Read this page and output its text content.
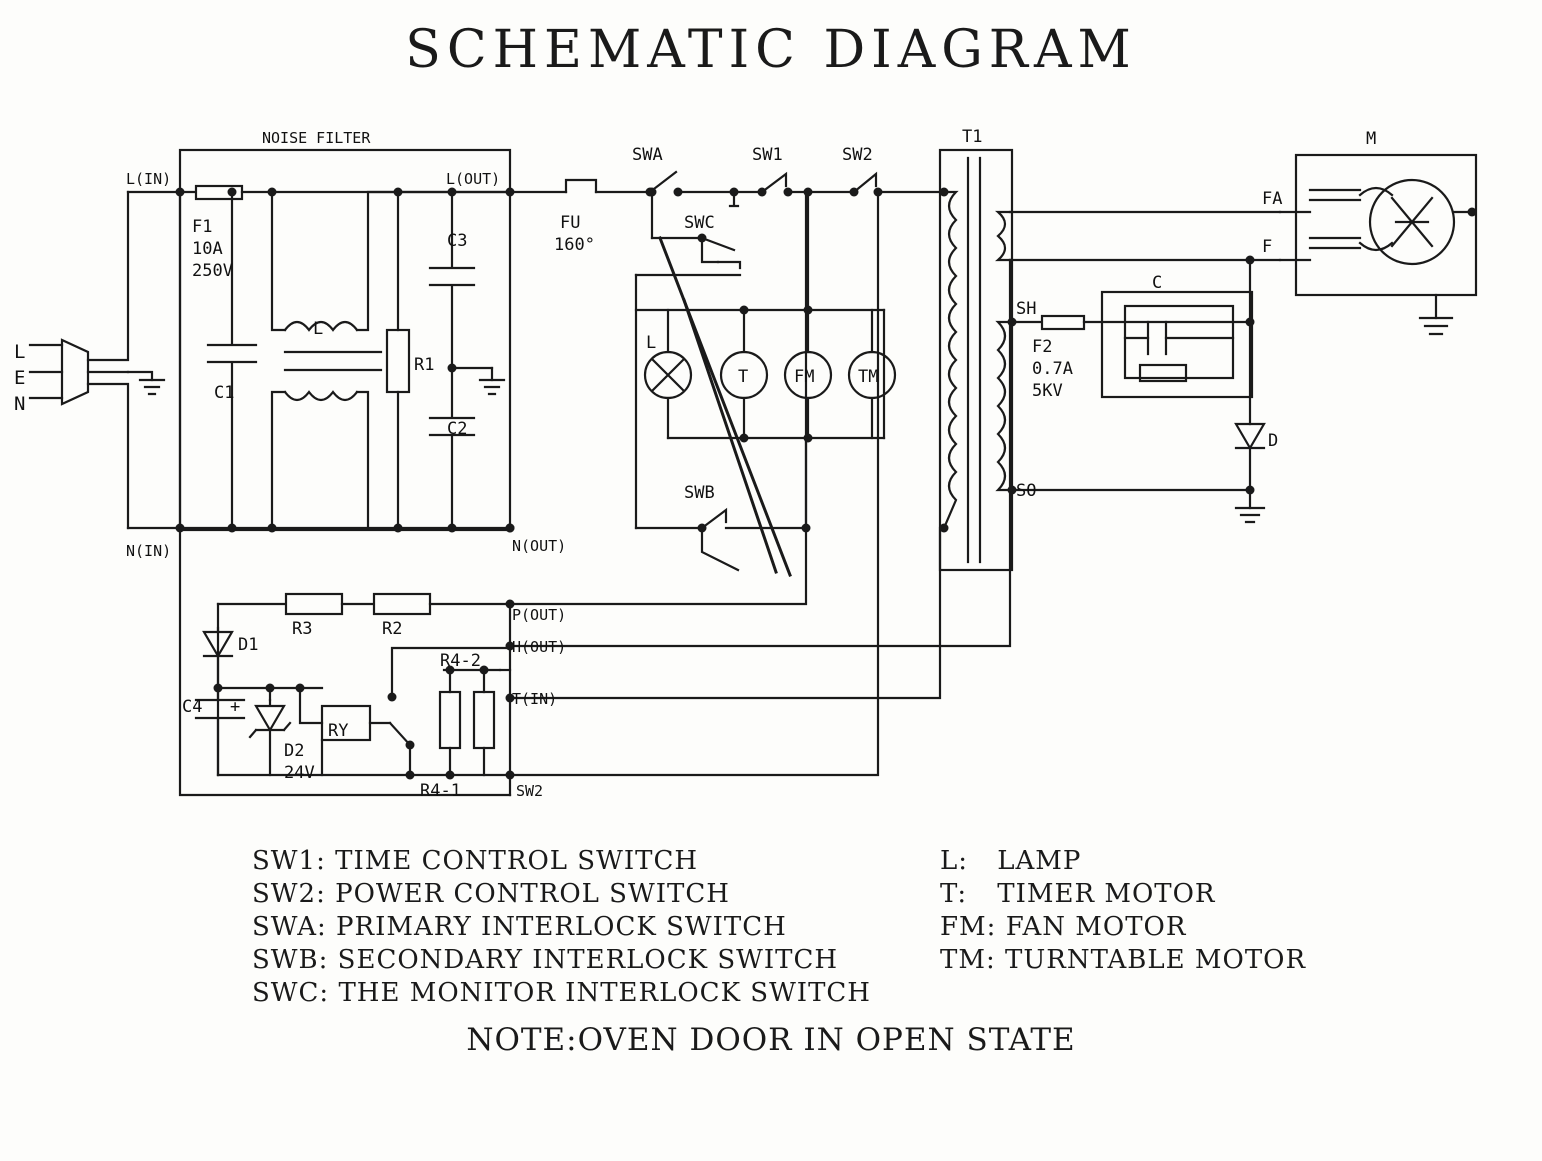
SCHEMATIC DIAGRAM
NOISE FILTER
L(IN)
N(IN)
L(OUT)
N(OUT)
P(OUT)
H(OUT)
T(IN)
SW2
L
E
N
F1
10A
250V
C1
L
R1
C3
C2
FU
160°
SWA
SWC
SW1	SW2
SWB
L
T	FM	TM
T1
SH
SO
F2
0.7A
5KV
C
D
M
FA
F
D1
C4 +
D2
24V
RY
R3	R2
R4-2
R4-1
SW1: TIME CONTROL SWITCH
SW2: POWER CONTROL SWITCH
SWA: PRIMARY INTERLOCK SWITCH
SWB: SECONDARY INTERLOCK SWITCH
SWC: THE MONITOR INTERLOCK SWITCH
L: LAMP
T: TIMER MOTOR
FM: FAN MOTOR
TM: TURNTABLE MOTOR
NOTE:OVEN DOOR IN OPEN STATE
